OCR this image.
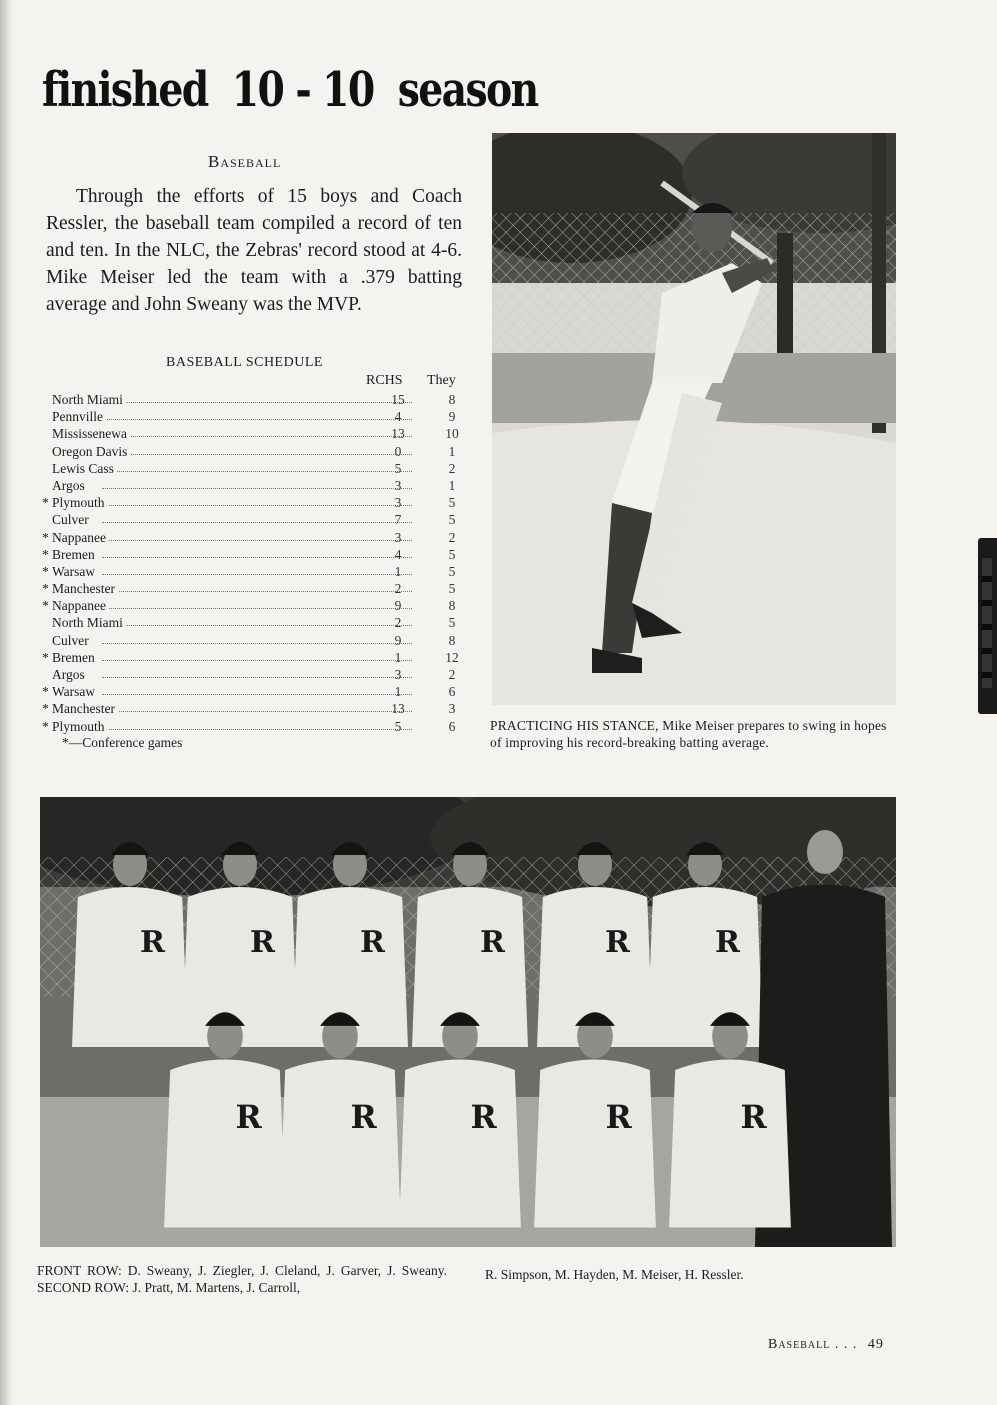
finished  10 - 10  season
Baseball

Through the efforts of 15 boys and Coach Ressler, the baseball team compiled a record of ten and ten. In the NLC, the Zebras' record stood at 4-6. Mike Meiser led the team with a .379 batting average and John Sweany was the MVP.

BASEBALL SCHEDULE
RCHS They
North Miami	15	8
Pennville	4	9
Mississenewa	13	10
Oregon Davis	0	1
Lewis Cass	5	2
Argos	3	1
* Plymouth	3	5
Culver	7	5
* Nappanee	3	2
* Bremen	4	5
* Warsaw	1	5
* Manchester	2	5
* Nappanee	9	8
North Miami	2	5
Culver	9	8
* Bremen	1	12
Argos	3	2
* Warsaw	1	6
* Manchester	13	3
* Plymouth	5	6
*—Conference games

PRACTICING HIS STANCE, Mike Meiser prepares to swing in hopes of improving his record-breaking batting average.

R	R	R	R	R	R
R	R	R	R	R

FRONT ROW: D. Sweany, J. Ziegler, J. Cleland, J. Garver, J. Sweany. SECOND ROW: J. Pratt, M. Martens, J. Carroll,

R. Simpson, M. Hayden, M. Meiser, H. Ressler.

Baseball . . . 49
